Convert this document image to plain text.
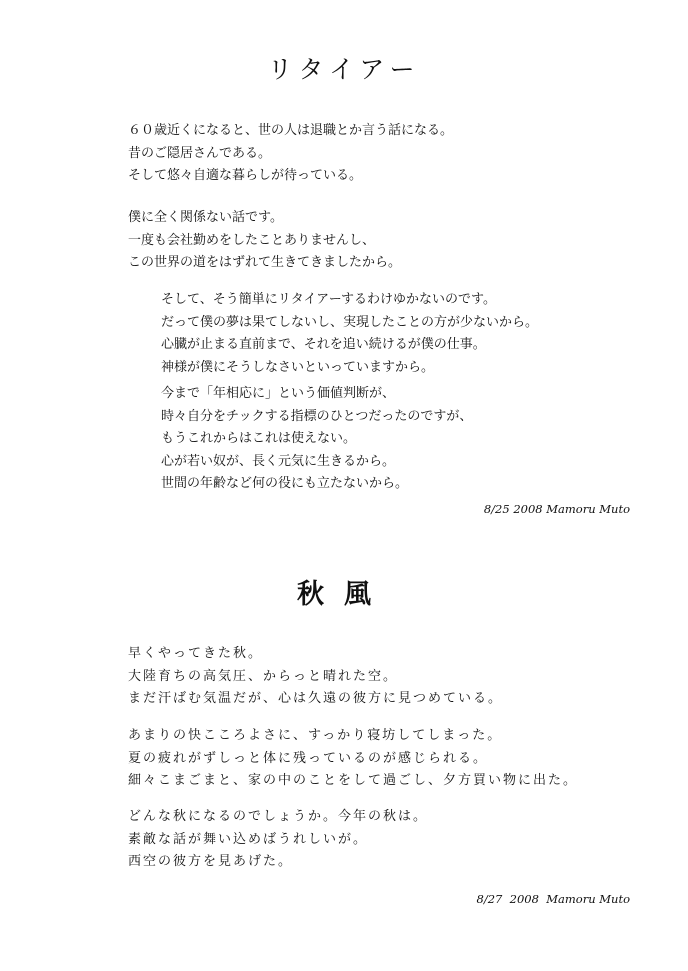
リタイアー
６０歳近くになると、世の人は退職とか言う話になる。
昔のご隠居さんである。
そして悠々自適な暮らしが待っている。
僕に全く関係ない話です。
一度も会社勤めをしたことありませんし、
この世界の道をはずれて生きてきましたから。
そして、そう簡単にリタイアーするわけゆかないのです。
だって僕の夢は果てしないし、実現したことの方が少ないから。
心臓が止まる直前まで、それを追い続けるが僕の仕事。
神様が僕にそうしなさいといっていますから。
今まで「年相応に」という価値判断が、
時々自分をチックする指標のひとつだったのですが、
もうこれからはこれは使えない。
心が若い奴が、長く元気に生きるから。
世間の年齢など何の役にも立たないから。
8/25 2008 Mamoru Muto
秋風
早くやってきた秋。
大陸育ちの高気圧、からっと晴れた空。
まだ汗ばむ気温だが、心は久遠の彼方に見つめている。
あまりの快こころよさに、すっかり寝坊してしまった。
夏の疲れがずしっと体に残っているのが感じられる。
細々こまごまと、家の中のことをして過ごし、夕方買い物に出た。
どんな秋になるのでしょうか。今年の秋は。
素敵な話が舞い込めばうれしいが。
西空の彼方を見あげた。
8/27  2008  Mamoru Muto
